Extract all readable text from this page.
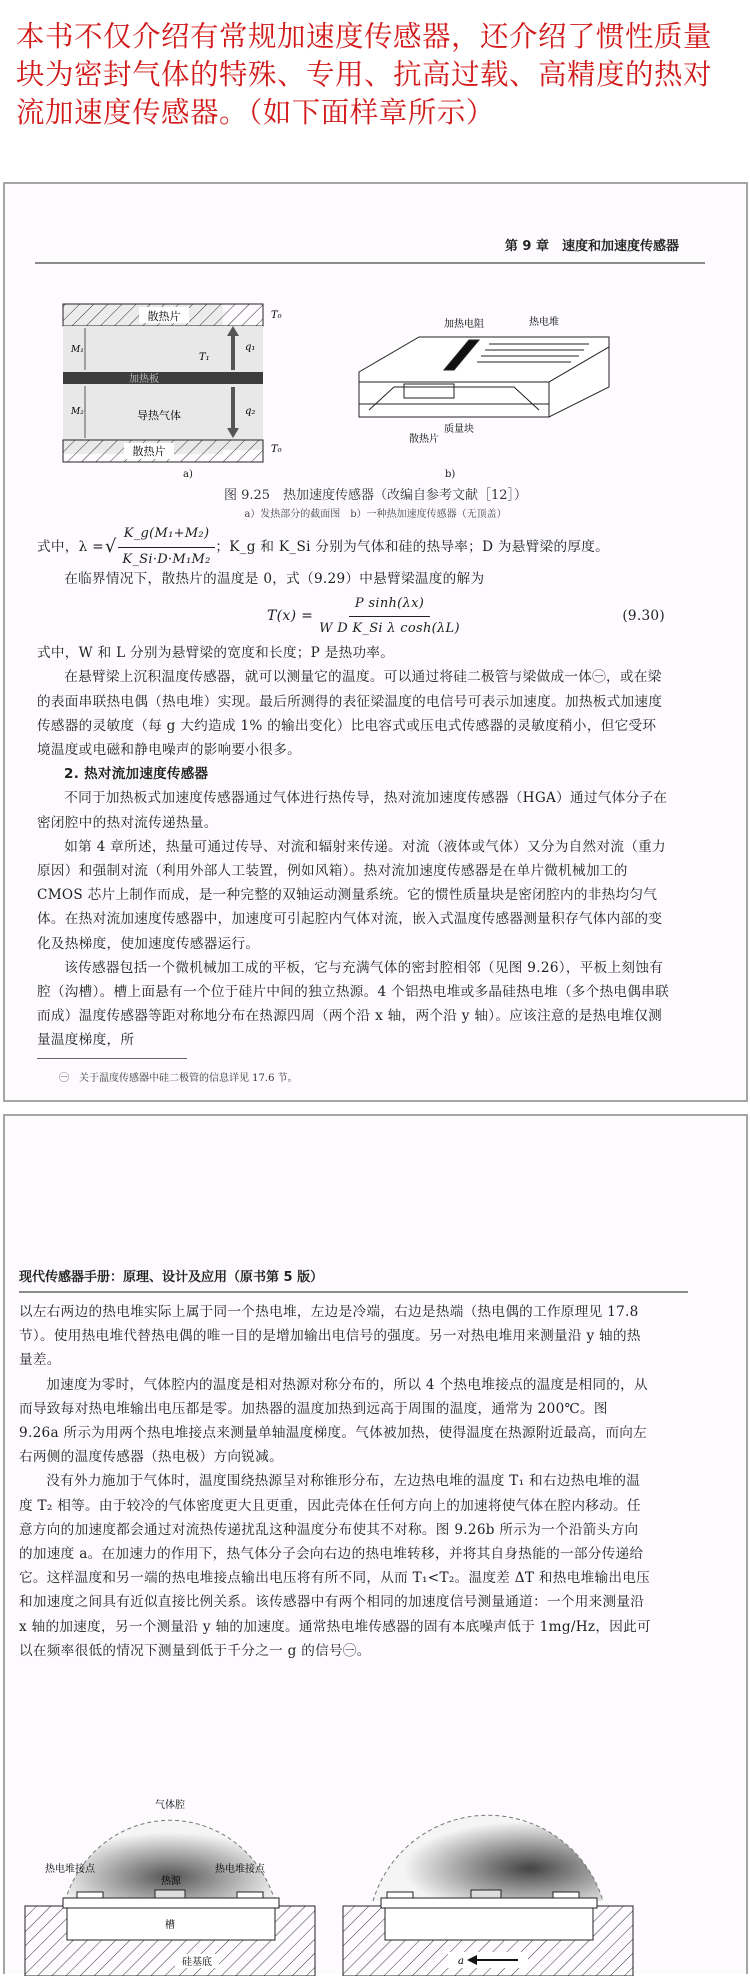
本书不仅介绍有常规加速度传感器，还介绍了惯性质量块为密封气体的特殊、专用、抗高过载、高精度的热对流加速度传感器。（如下面样章所示）
第 9 章　速度和加速度传感器
散热片
加热板
导热气体
散热片
q₁
q₂
T₁
T₀
T₀
M₁
M₂
加热电阻	热电堆
散热片
质量块
a)	b)
图 9.25　热加速度传感器（改编自参考文献［12］）
a）发热部分的截面图　b）一种热加速度传感器（无顶盖）
式中，λ = √ $\frac{\text{K\_g(M₁+M₂)}}{\text{K\_Si·D·M₁M₂}}$ ；K_g 和 K_Si 分别为气体和硅的热导率；D 为悬臂梁的厚度。

在临界情况下，散热片的温度是 0，式（9.29）中悬臂梁温度的解为

$T(x) = \frac{\text{P sinh(λx)}}{\text{W D K\_Si λ cosh(λL)}}$	(9.30)

式中，W 和 L 分别为悬臂梁的宽度和长度；P 是热功率。

在悬臂梁上沉积温度传感器，就可以测量它的温度。可以通过将硅二极管与梁做成一体㊀，或在梁的表面串联热电偶（热电堆）实现。最后所测得的表征梁温度的电信号可表示加速度。加热板式加速度传感器的灵敏度（每 g 大约造成 1% 的输出变化）比电容式或压电式传感器的灵敏度稍小，但它受环境温度或电磁和静电噪声的影响要小很多。

2. 热对流加速度传感器

不同于加热板式加速度传感器通过气体进行热传导，热对流加速度传感器（HGA）通过气体分子在密闭腔中的热对流传递热量。

如第 4 章所述，热量可通过传导、对流和辐射来传递。对流（液体或气体）又分为自然对流（重力原因）和强制对流（利用外部人工装置，例如风箱）。热对流加速度传感器是在单片微机械加工的 CMOS 芯片上制作而成，是一种完整的双轴运动测量系统。它的惯性质量块是密闭腔内的非热均匀气体。在热对流加速度传感器中，加速度可引起腔内气体对流，嵌入式温度传感器测量积存气体内部的变化及热梯度，使加速度传感器运行。

该传感器包括一个微机械加工成的平板，它与充满气体的密封腔相邻（见图 9.26），平板上刻蚀有腔（沟槽）。槽上面悬有一个位于硅片中间的独立热源。4 个铝热电堆或多晶硅热电堆（多个热电偶串联而成）温度传感器等距对称地分布在热源四周（两个沿 x 轴，两个沿 y 轴）。应该注意的是热电堆仅测量温度梯度，所

㊀　关于温度传感器中硅二极管的信息详见 17.6 节。
现代传感器手册：原理、设计及应用（原书第 5 版）

以左右两边的热电堆实际上属于同一个热电堆，左边是冷端，右边是热端（热电偶的工作原理见 17.8 节）。使用热电堆代替热电偶的唯一目的是增加输出电信号的强度。另一对热电堆用来测量沿 y 轴的热量差。

加速度为零时，气体腔内的温度是相对热源对称分布的，所以 4 个热电堆接点的温度是相同的，从而导致每对热电堆输出电压都是零。加热器的温度加热到远高于周围的温度，通常为 200℃。图 9.26a 所示为用两个热电堆接点来测量单轴温度梯度。气体被加热，使得温度在热源附近最高，而向左右两侧的温度传感器（热电极）方向锐减。

没有外力施加于气体时，温度围绕热源呈对称锥形分布，左边热电堆的温度 T₁ 和右边热电堆的温度 T₂ 相等。由于较冷的气体密度更大且更重，因此壳体在任何方向上的加速将使气体在腔内移动。任意方向的加速度都会通过对流热传递扰乱这种温度分布使其不对称。图 9.26b 所示为一个沿箭头方向的加速度 a。在加速力的作用下，热气体分子会向右边的热电堆转移，并将其自身热能的一部分传递给它。这样温度和另一端的热电堆接点输出电压将有所不同，从而 T₁<T₂。温度差 ΔT 和热电堆输出电压和加速度之间具有近似直接比例关系。该传感器中有两个相同的加速度信号测量通道：一个用来测量沿 x 轴的加速度，另一个测量沿 y 轴的加速度。通常热电堆传感器的固有本底噪声低于 1mg/Hz，因此可以在频率很低的情况下测量到低于千分之一 g 的信号㊀。

气体腔
热电堆接点	热电堆接点
热源
槽
硅基底	a
